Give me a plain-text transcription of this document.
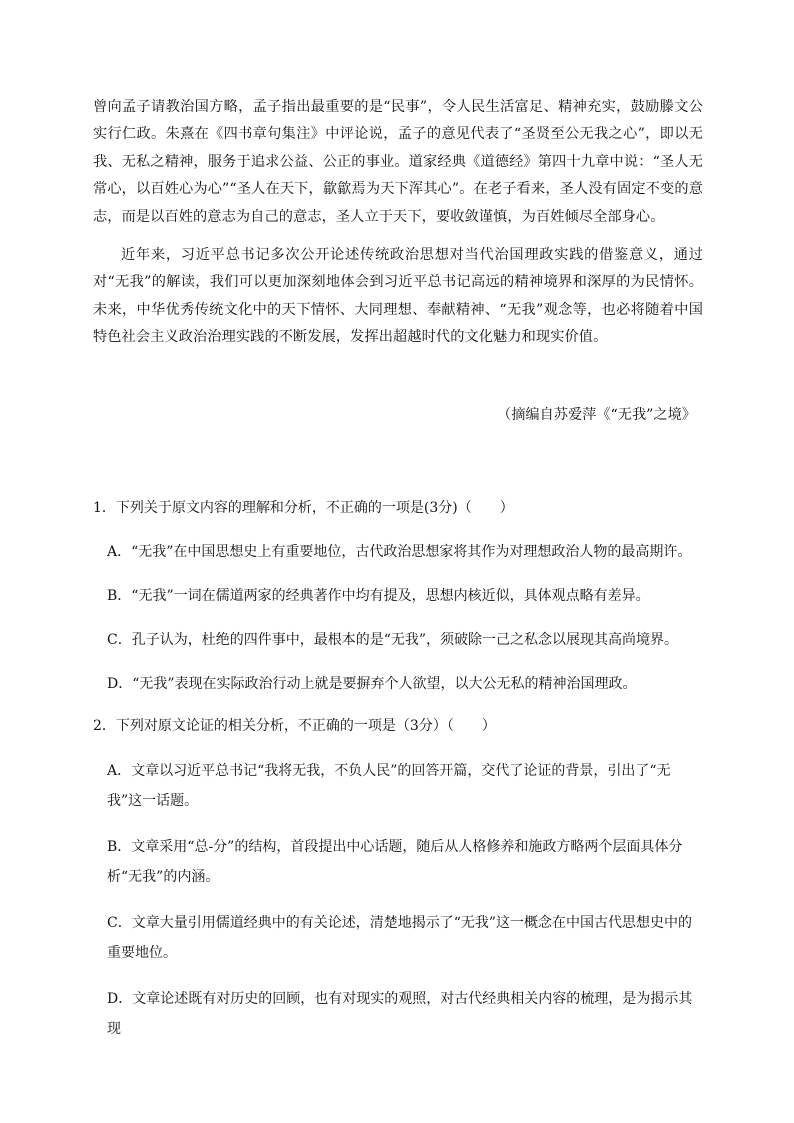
曾向孟子请教治国方略，孟子指出最重要的是“民事”，令人民生活富足、精神充实，鼓励滕文公实行仁政。朱熹在《四书章句集注》中评论说，孟子的意见代表了“圣贤至公无我之心”，即以无我、无私之精神，服务于追求公益、公正的事业。道家经典《道德经》第四十九章中说：“圣人无常心，以百姓心为心”“圣人在天下，歙歙焉为天下浑其心”。在老子看来，圣人没有固定不变的意志，而是以百姓的意志为自己的意志，圣人立于天下，要收敛谨慎，为百姓倾尽全部身心。

近年来，习近平总书记多次公开论述传统政治思想对当代治国理政实践的借鉴意义，通过对“无我”的解读，我们可以更加深刻地体会到习近平总书记高远的精神境界和深厚的为民情怀。未来，中华优秀传统文化中的天下情怀、大同理想、奉献精神、“无我”观念等，也必将随着中国特色社会主义政治治理实践的不断发展，发挥出超越时代的文化魅力和现实价值。

（摘编自苏爱萍《“无我”之境》

1．下列关于原文内容的理解和分析，不正确的一项是(3分)（　　）

A．“无我”在中国思想史上有重要地位，古代政治思想家将其作为对理想政治人物的最高期许。

B．“无我”一词在儒道两家的经典著作中均有提及，思想内核近似，具体观点略有差异。

C．孔子认为，杜绝的四件事中，最根本的是“无我”，须破除一己之私念以展现其高尚境界。

D．“无我”表现在实际政治行动上就是要摒弃个人欲望，以大公无私的精神治国理政。

2．下列对原文论证的相关分析，不正确的一项是（3分）（　　）

A．文章以习近平总书记“我将无我，不负人民”的回答开篇，交代了论证的背景，引出了“无我”这一话题。

B．文章采用“总-分”的结构，首段提出中心话题，随后从人格修养和施政方略两个层面具体分析“无我”的内涵。

C．文章大量引用儒道经典中的有关论述，清楚地揭示了“无我”这一概念在中国古代思想史中的重要地位。

D．文章论述既有对历史的回顾，也有对现实的观照，对古代经典相关内容的梳理，是为揭示其现
